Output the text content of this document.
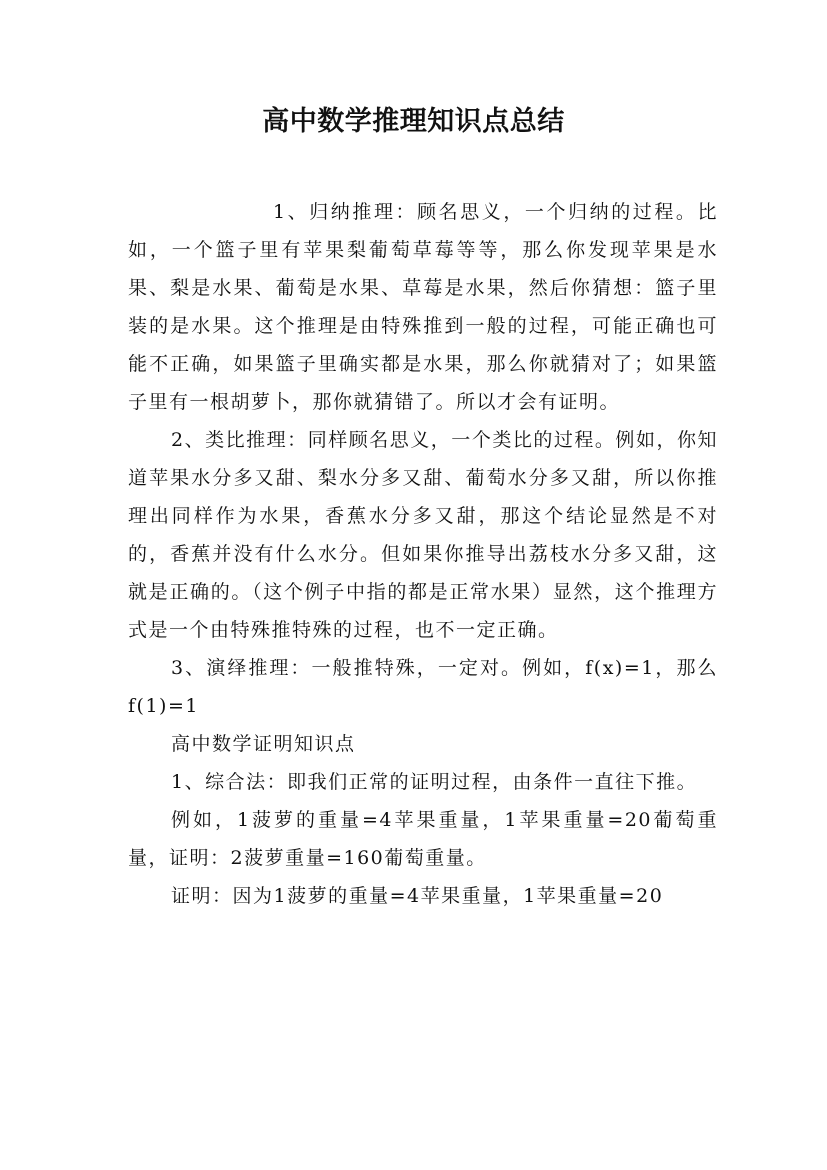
高中数学推理知识点总结

1、归纳推理：顾名思义，一个归纳的过程。比如，一个篮子里有苹果梨葡萄草莓等等，那么你发现苹果是水果、梨是水果、葡萄是水果、草莓是水果，然后你猜想：篮子里装的是水果。这个推理是由特殊推到一般的过程，可能正确也可能不正确，如果篮子里确实都是水果，那么你就猜对了；如果篮子里有一根胡萝卜，那你就猜错了。所以才会有证明。

2、类比推理：同样顾名思义，一个类比的过程。例如，你知道苹果水分多又甜、梨水分多又甜、葡萄水分多又甜，所以你推理出同样作为水果，香蕉水分多又甜，那这个结论显然是不对的，香蕉并没有什么水分。但如果你推导出荔枝水分多又甜，这就是正确的。（这个例子中指的都是正常水果）显然，这个推理方式是一个由特殊推特殊的过程，也不一定正确。

3、演绎推理：一般推特殊，一定对。例如，f(x)=1，那么f(1)=1

高中数学证明知识点

1、综合法：即我们正常的证明过程，由条件一直往下推。

例如，1菠萝的重量=4苹果重量，1苹果重量=20葡萄重量，证明：2菠萝重量=160葡萄重量。

证明：因为1菠萝的重量=4苹果重量，1苹果重量=20
